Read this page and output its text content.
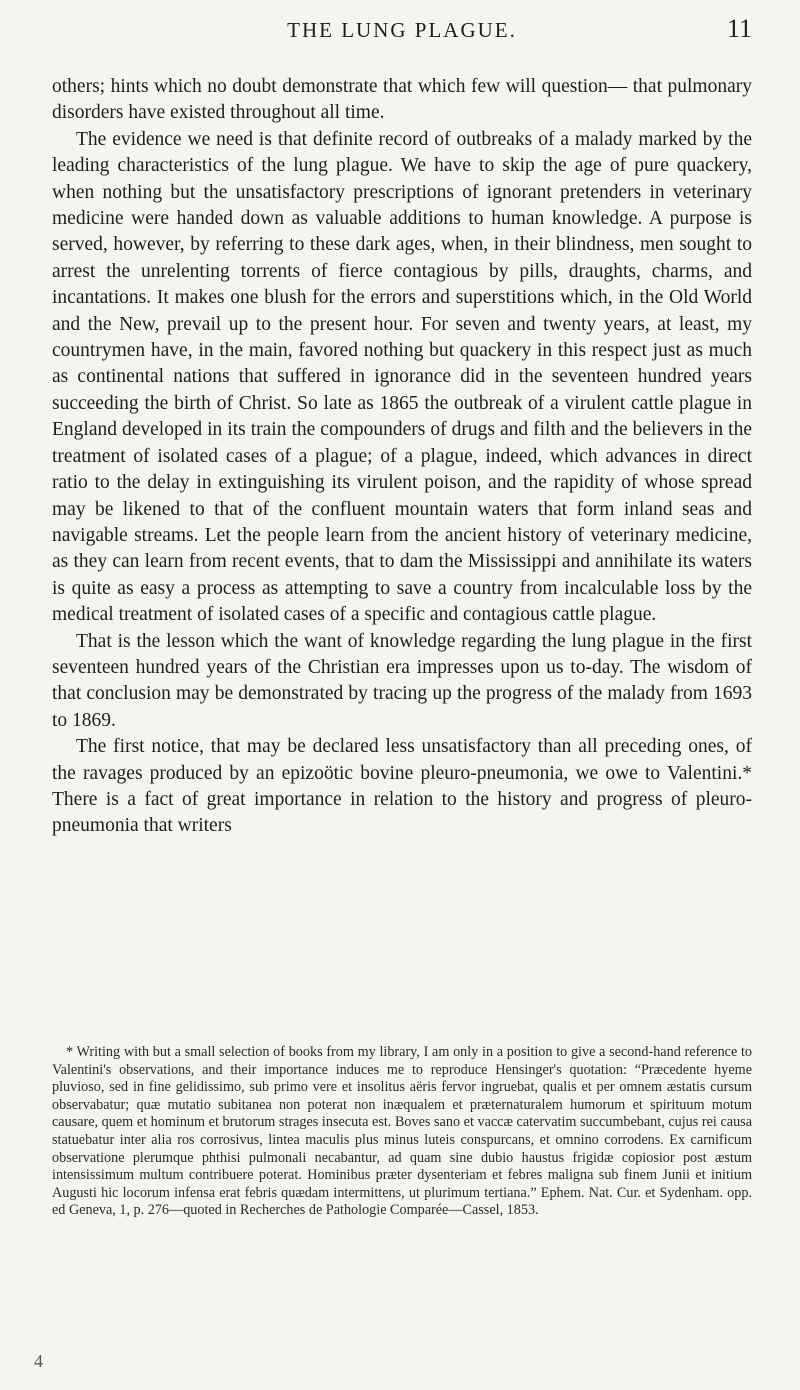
THE LUNG PLAGUE.	11

others; hints which no doubt demonstrate that which few will question— that pulmonary disorders have existed throughout all time.

The evidence we need is that definite record of outbreaks of a malady marked by the leading characteristics of the lung plague. We have to skip the age of pure quackery, when nothing but the unsatisfactory prescriptions of ignorant pretenders in veterinary medicine were handed down as valuable additions to human knowledge. A purpose is served, however, by referring to these dark ages, when, in their blindness, men sought to arrest the unrelenting torrents of fierce contagious by pills, draughts, charms, and incantations. It makes one blush for the errors and superstitions which, in the Old World and the New, prevail up to the present hour. For seven and twenty years, at least, my countrymen have, in the main, favored nothing but quackery in this respect just as much as continental nations that suffered in ignorance did in the seventeen hundred years succeeding the birth of Christ. So late as 1865 the outbreak of a virulent cattle plague in England developed in its train the compounders of drugs and filth and the believers in the treatment of isolated cases of a plague; of a plague, indeed, which advances in direct ratio to the delay in extinguishing its virulent poison, and the rapidity of whose spread may be likened to that of the confluent mountain waters that form inland seas and navigable streams. Let the people learn from the ancient history of veterinary medicine, as they can learn from recent events, that to dam the Mississippi and annihilate its waters is quite as easy a process as attempting to save a country from incalculable loss by the medical treatment of isolated cases of a specific and contagious cattle plague.

That is the lesson which the want of knowledge regarding the lung plague in the first seventeen hundred years of the Christian era impresses upon us to-day. The wisdom of that conclusion may be demonstrated by tracing up the progress of the malady from 1693 to 1869.

The first notice, that may be declared less unsatisfactory than all preceding ones, of the ravages produced by an epizoötic bovine pleuro-pneumonia, we owe to Valentini.* There is a fact of great importance in relation to the history and progress of pleuro-pneumonia that writers

* Writing with but a small selection of books from my library, I am only in a position to give a second-hand reference to Valentini's observations, and their importance induces me to reproduce Hensinger's quotation: “Præcedente hyeme pluvioso, sed in fine gelidissimo, sub primo vere et insolitus aëris fervor ingruebat, qualis et per omnem æstatis cursum observabatur; quæ mutatio subitanea non poterat non inæqualem et præternaturalem humorum et spirituum motum causare, quem et hominum et brutorum strages insecuta est. Boves sano et vaccæ catervatim succumbebant, cujus rei causa statuebatur inter alia ros corrosivus, lintea maculis plus minus luteis conspurcans, et omnino corrodens. Ex carnificum observatione plerumque phthisi pulmonali necabantur, ad quam sine dubio haustus frigidæ copiosior post æstum intensissimum multum contribuere poterat. Hominibus præter dysenteriam et febres maligna sub finem Junii et initium Augusti hic locorum infensa erat febris quædam intermittens, ut plurimum tertiana.” Ephem. Nat. Cur. et Sydenham. opp. ed Geneva, 1, p. 276—quoted in Recherches de Pathologie Comparée—Cassel, 1853.

4
